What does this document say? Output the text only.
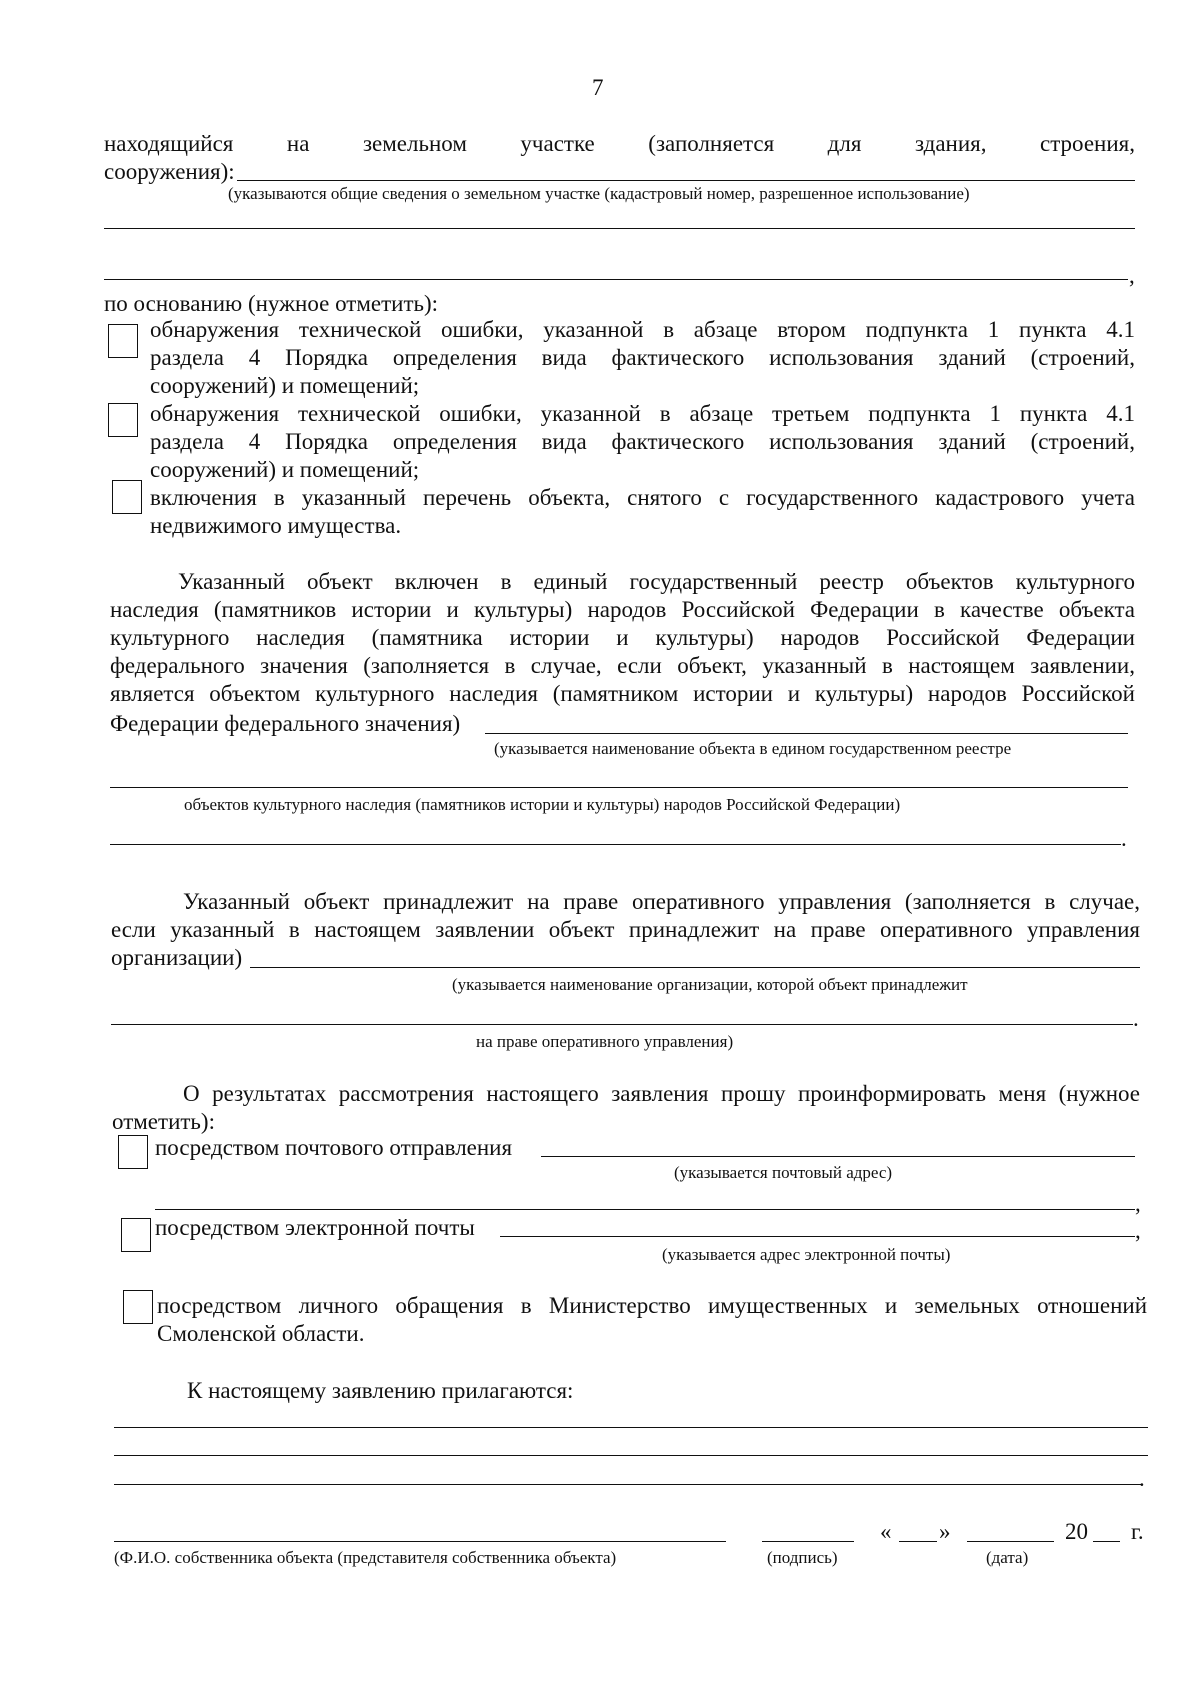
7
находящийся на земельном участке (заполняется для здания, строения,
сооружения):
(указываются общие сведения о земельном участке (кадастровый номер, разрешенное использование)
,
по основанию (нужное отметить):
обнаружения технической ошибки, указанной в абзаце втором подпункта 1 пункта 4.1
раздела 4 Порядка определения вида фактического использования зданий (строений,
сооружений) и помещений;
обнаружения технической ошибки, указанной в абзаце третьем подпункта 1 пункта 4.1
раздела 4 Порядка определения вида фактического использования зданий (строений,
сооружений) и помещений;
включения в указанный перечень объекта, снятого с государственного кадастрового учета
недвижимого имущества.
Указанный объект включен в единый государственный реестр объектов культурного
наследия (памятников истории и культуры) народов Российской Федерации в качестве объекта
культурного наследия (памятника истории и культуры) народов Российской Федерации
федерального значения (заполняется в случае, если объект, указанный в настоящем заявлении,
является объектом культурного наследия (памятником истории и культуры) народов Российской
Федерации федерального значения)
(указывается наименование объекта в едином государственном реестре
объектов культурного наследия (памятников истории и культуры) народов Российской Федерации)
.
Указанный объект принадлежит на праве оперативного управления (заполняется в случае,
если указанный в настоящем заявлении объект принадлежит на праве оперативного управления
организации)
(указывается наименование организации, которой объект принадлежит
.
на праве оперативного управления)
О результатах рассмотрения настоящего заявления прошу проинформировать меня (нужное
отметить):
посредством почтового отправления
(указывается почтовый адрес)
,
посредством электронной почты	,
(указывается адрес электронной почты)
посредством личного обращения в Министерство имущественных и земельных отношений
Смоленской области.
К настоящему заявлению прилагаются:
.
« »	20 г.
(Ф.И.О. собственника объекта (представителя собственника объекта)	(подпись)	(дата)
